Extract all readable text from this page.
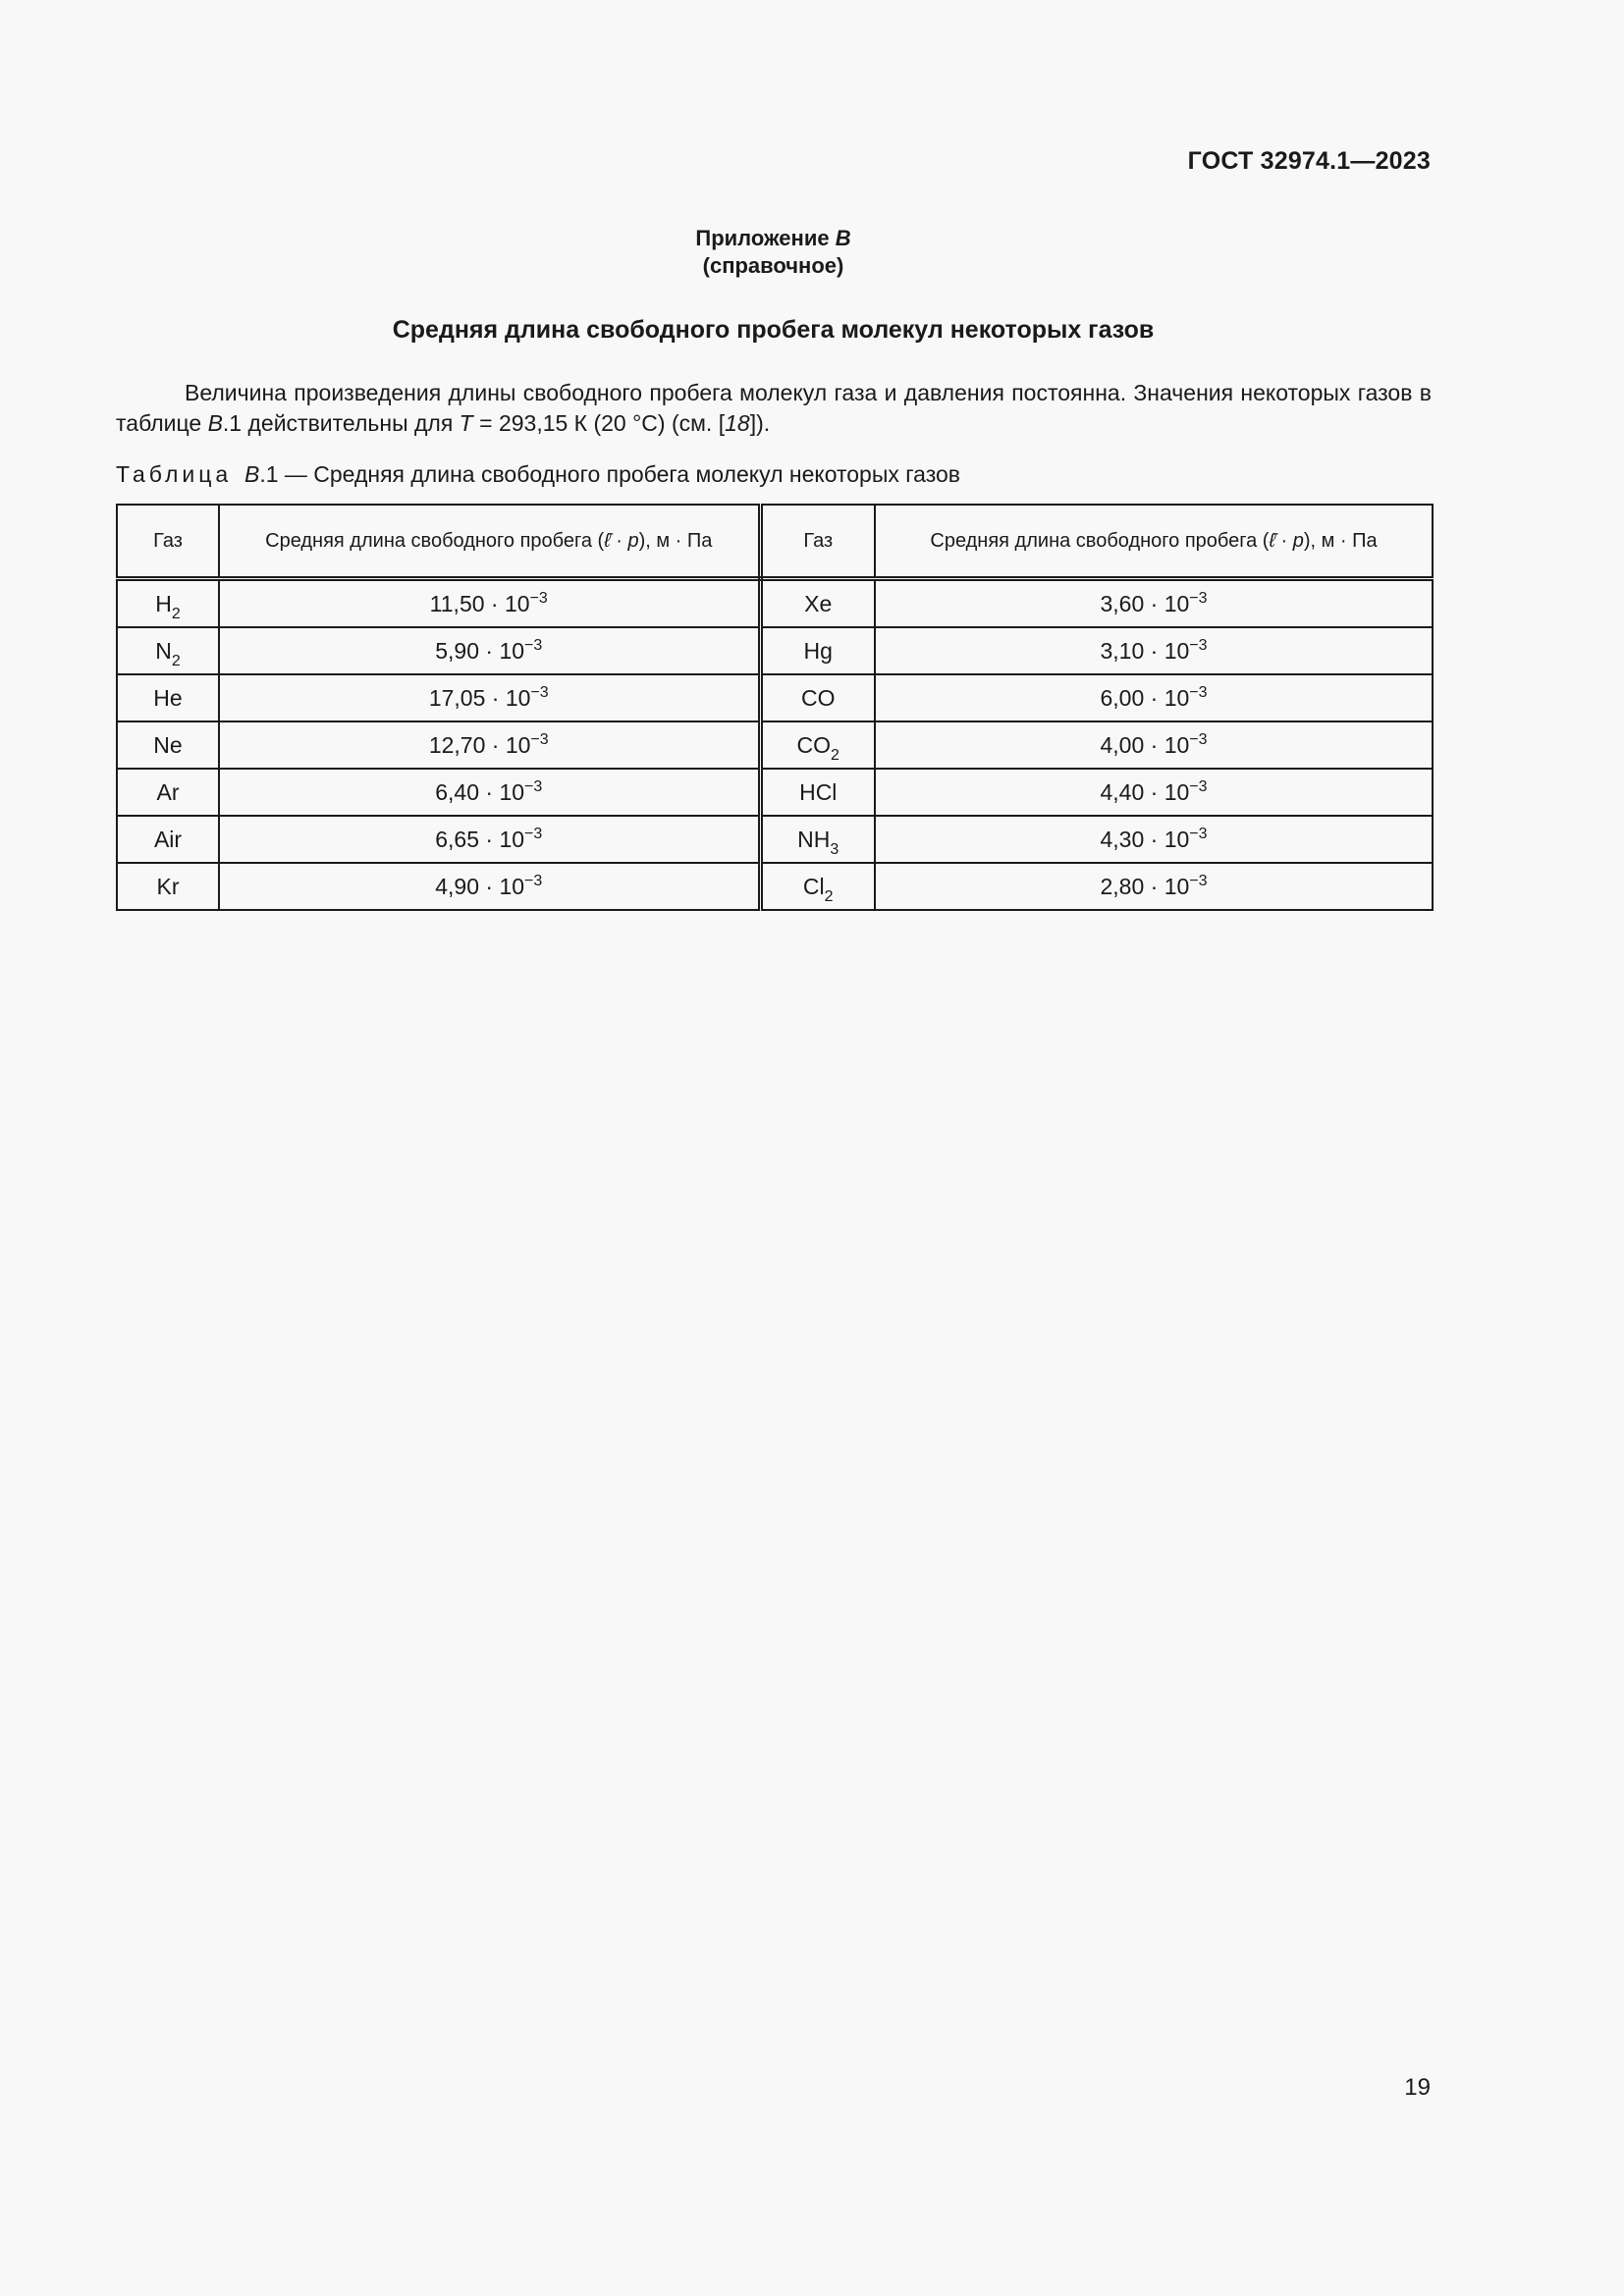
ГОСТ 32974.1—2023
Приложение В
(справочное)
Средняя длина свободного пробега молекул некоторых газов
Величина произведения длины свободного пробега молекул газа и давления постоянна. Значения некоторых газов в таблице В.1 действительны для T = 293,15 К (20 °С) (см. [18]).
Таблица В.1 — Средняя длина свободного пробега молекул некоторых газов
Газ	Средняя длина свободного пробега (ℓ̄ · p), м · Па	Газ	Средняя длина свободного пробега (ℓ̄ · p), м · Па
$H_2$	$11,50 \cdot 10^{-3}$	Xe	$3,60 \cdot 10^{-3}$
$N_2$	$5,90 \cdot 10^{-3}$	Hg	$3,10 \cdot 10^{-3}$
He	$17,05 \cdot 10^{-3}$	CO	$6,00 \cdot 10^{-3}$
Ne	$12,70 \cdot 10^{-3}$	$CO_2$	$4,00 \cdot 10^{-3}$
Ar	$6,40 \cdot 10^{-3}$	HCl	$4,40 \cdot 10^{-3}$
Air	$6,65 \cdot 10^{-3}$	$NH_3$	$4,30 \cdot 10^{-3}$
Kr	$4,90 \cdot 10^{-3}$	$Cl_2$	$2,80 \cdot 10^{-3}$
19
